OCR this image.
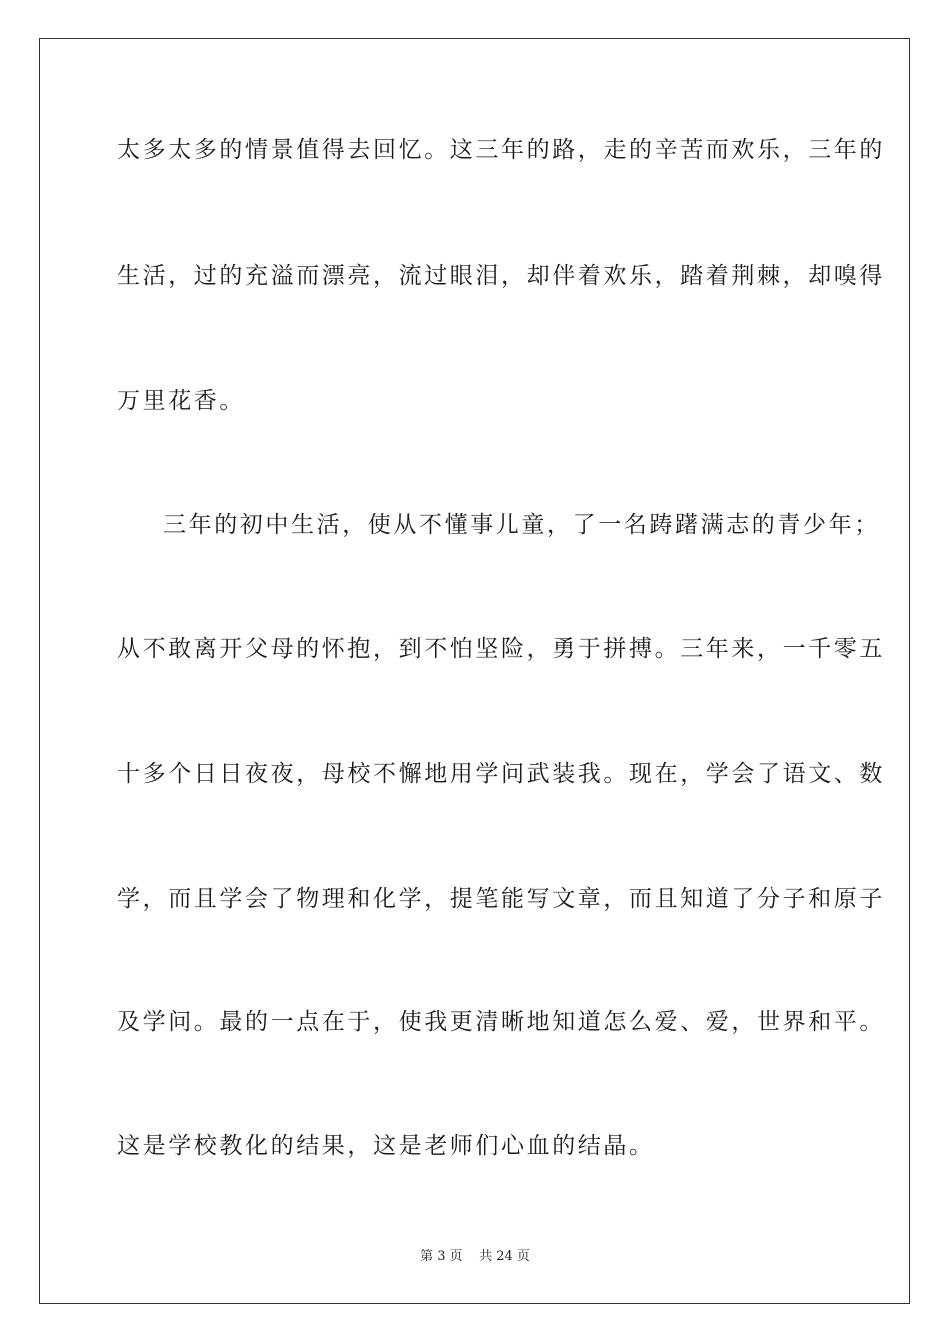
太多太多的情景值得去回忆。这三年的路，走的辛苦而欢乐，三年的
生活，过的充溢而漂亮，流过眼泪，却伴着欢乐，踏着荆棘，却嗅得
万里花香。
三年的初中生活，使从不懂事儿童，了一名踌躇满志的青少年；
从不敢离开父母的怀抱，到不怕坚险，勇于拼搏。三年来，一千零五
十多个日日夜夜，母校不懈地用学问武装我。现在，学会了语文、数
学，而且学会了物理和化学，提笔能写文章，而且知道了分子和原子
及学问。最的一点在于，使我更清晰地知道怎么爱、爱，世界和平。
这是学校教化的结果，这是老师们心血的结晶。
第 3 页    共 24 页
